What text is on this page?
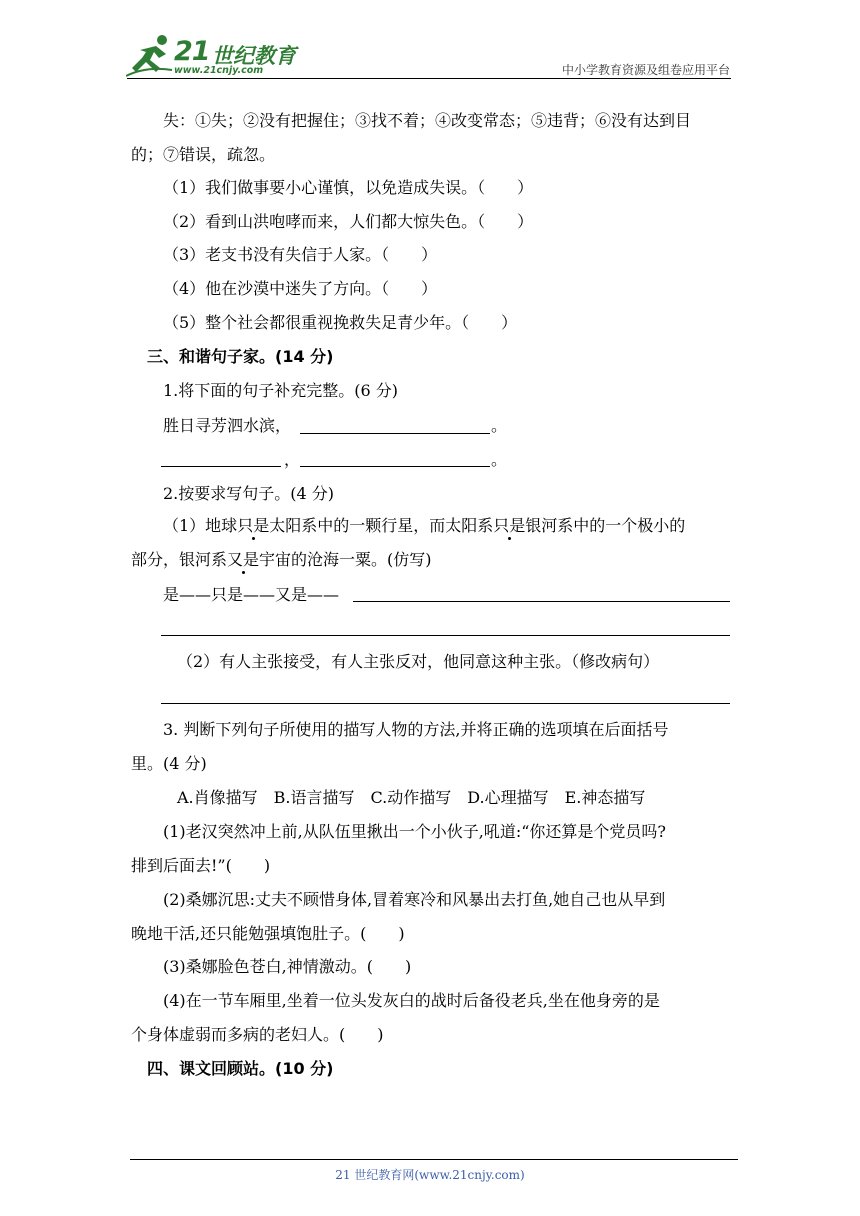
21 世纪教育
www.21cnjy.com	中小学教育资源及组卷应用平台
失：①失；②没有把握住；③找不着；④改变常态；⑤违背；⑥没有达到目
的；⑦错误，疏忽。
（1）我们做事要小心谨慎，以免造成失误。（　　）
（2）看到山洪咆哮而来，人们都大惊失色。（　　）
（3）老支书没有失信于人家。（　　）
（4）他在沙漠中迷失了方向。（　　）
（5）整个社会都很重视挽救失足青少年。（　　）
三、和谐句子家。(14 分)
1.将下面的句子补充完整。(6 分)
胜日寻芳泗水滨，	。
，	。
2.按要求写句子。(4 分)
（1）地球只是太阳系中的一颗行星，而太阳系只是银河系中的一个极小的
部分，银河系又是宇宙的沧海一粟。(仿写)
是——只是——又是——
（2）有人主张接受，有人主张反对，他同意这种主张。（修改病句）
3. 判断下列句子所使用的描写人物的方法,并将正确的选项填在后面括号
里。(4 分)
A.肖像描写　B.语言描写　C.动作描写　D.心理描写　E.神态描写
(1)老汉突然冲上前,从队伍里揪出一个小伙子,吼道:“你还算是个党员吗?
排到后面去!”(　　)
(2)桑娜沉思:丈夫不顾惜身体,冒着寒冷和风暴出去打鱼,她自己也从早到
晚地干活,还只能勉强填饱肚子。(　　)
(3)桑娜脸色苍白,神情激动。(　　)
(4)在一节车厢里,坐着一位头发灰白的战时后备役老兵,坐在他身旁的是
个身体虚弱而多病的老妇人。(　　)
四、课文回顾站。(10 分)
21 世纪教育网(www.21cnjy.com)
